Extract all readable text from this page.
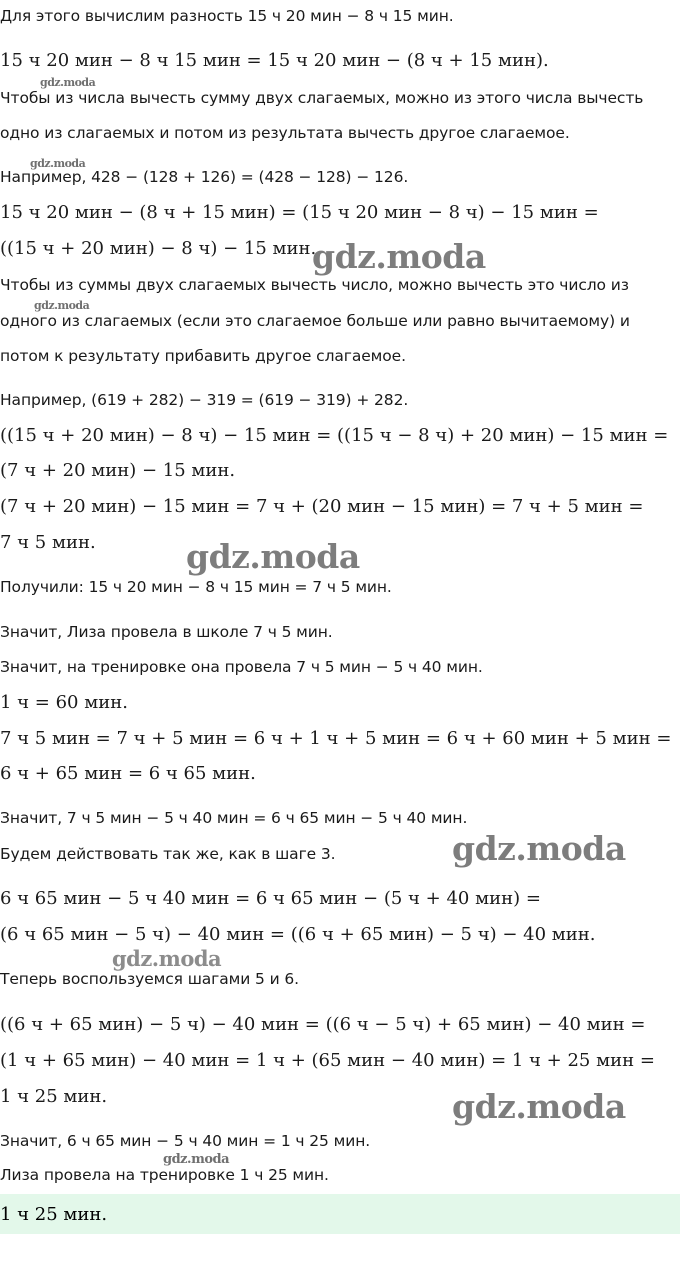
Для этого вычислим разность 15 ч 20 мин − 8 ч 15 мин.
15 ч 20 мин − 8 ч 15 мин = 15 ч 20 мин − (8 ч + 15 мин).
Чтобы из числа вычесть сумму двух слагаемых, можно из этого числа вычесть
одно из слагаемых и потом из результата вычесть другое слагаемое.
Например, 428 − (128 + 126) = (428 − 128) − 126.
15 ч 20 мин − (8 ч + 15 мин) = (15 ч 20 мин − 8 ч) − 15 мин =
((15 ч + 20 мин) − 8 ч) − 15 мин.
Чтобы из суммы двух слагаемых вычесть число, можно вычесть это число из
одного из слагаемых (если это слагаемое больше или равно вычитаемому) и
потом к результату прибавить другое слагаемое.
Например, (619 + 282) − 319 = (619 − 319) + 282.
((15 ч + 20 мин) − 8 ч) − 15 мин = ((15 ч − 8 ч) + 20 мин) − 15 мин =
(7 ч + 20 мин) − 15 мин.
(7 ч + 20 мин) − 15 мин = 7 ч + (20 мин − 15 мин) = 7 ч + 5 мин =
7 ч 5 мин.
Получили: 15 ч 20 мин − 8 ч 15 мин = 7 ч 5 мин.
Значит, Лиза провела в школе 7 ч 5 мин.
Значит, на тренировке она провела 7 ч 5 мин − 5 ч 40 мин.
1 ч = 60 мин.
7 ч 5 мин = 7 ч + 5 мин = 6 ч + 1 ч + 5 мин = 6 ч + 60 мин + 5 мин =
6 ч + 65 мин = 6 ч 65 мин.
Значит, 7 ч 5 мин − 5 ч 40 мин = 6 ч 65 мин − 5 ч 40 мин.
Будем действовать так же, как в шаге 3.
6 ч 65 мин − 5 ч 40 мин = 6 ч 65 мин − (5 ч + 40 мин) =
(6 ч 65 мин − 5 ч) − 40 мин = ((6 ч + 65 мин) − 5 ч) − 40 мин.
Теперь воспользуемся шагами 5 и 6.
((6 ч + 65 мин) − 5 ч) − 40 мин = ((6 ч − 5 ч) + 65 мин) − 40 мин =
(1 ч + 65 мин) − 40 мин = 1 ч + (65 мин − 40 мин) = 1 ч + 25 мин =
1 ч 25 мин.
Значит, 6 ч 65 мин − 5 ч 40 мин = 1 ч 25 мин.
Лиза провела на тренировке 1 ч 25 мин.
1 ч 25 мин.
gdz.moda
gdz.moda
gdz.moda
gdz.moda
gdz.moda
gdz.moda
gdz.moda
gdz.moda
gdz.moda
